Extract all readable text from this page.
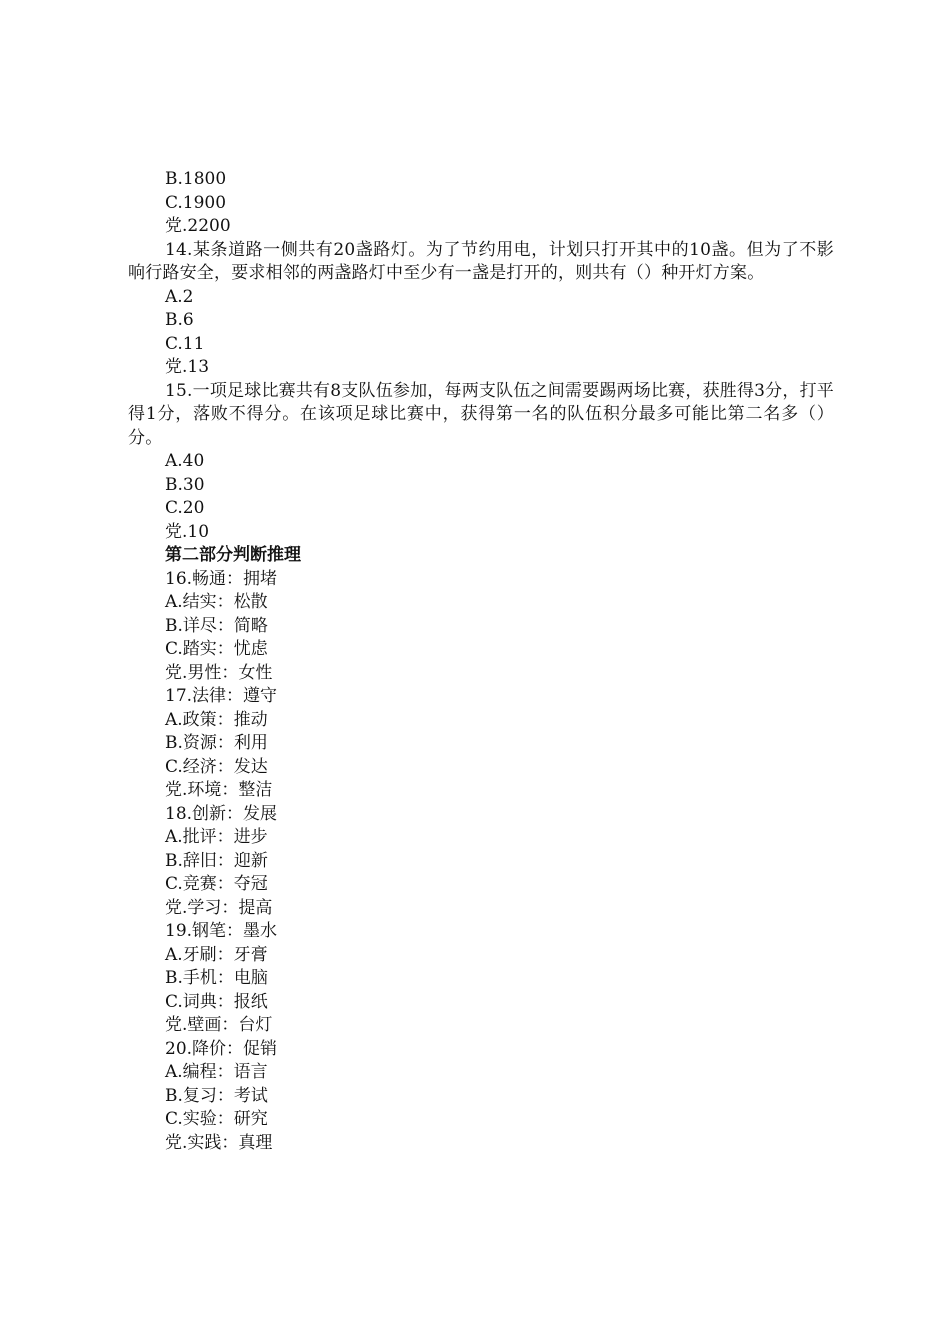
B.1800

C.1900

党.2200

14.某条道路一侧共有20盏路灯。为了节约用电，计划只打开其中的10盏。但为了不影响行路安全，要求相邻的两盏路灯中至少有一盏是打开的，则共有（）种开灯方案。

A.2

B.6

C.11

党.13

15.一项足球比赛共有8支队伍参加，每两支队伍之间需要踢两场比赛，获胜得3分，打平得1分，落败不得分。在该项足球比赛中，获得第一名的队伍积分最多可能比第二名多（）分。

A.40

B.30

C.20

党.10

第二部分判断推理

16.畅通：拥堵

A.结实：松散

B.详尽：简略

C.踏实：忧虑

党.男性：女性

17.法律：遵守

A.政策：推动

B.资源：利用

C.经济：发达

党.环境：整洁

18.创新：发展

A.批评：进步

B.辞旧：迎新

C.竞赛：夺冠

党.学习：提高

19.钢笔：墨水

A.牙刷：牙膏

B.手机：电脑

C.词典：报纸

党.壁画：台灯

20.降价：促销

A.编程：语言

B.复习：考试

C.实验：研究

党.实践：真理
